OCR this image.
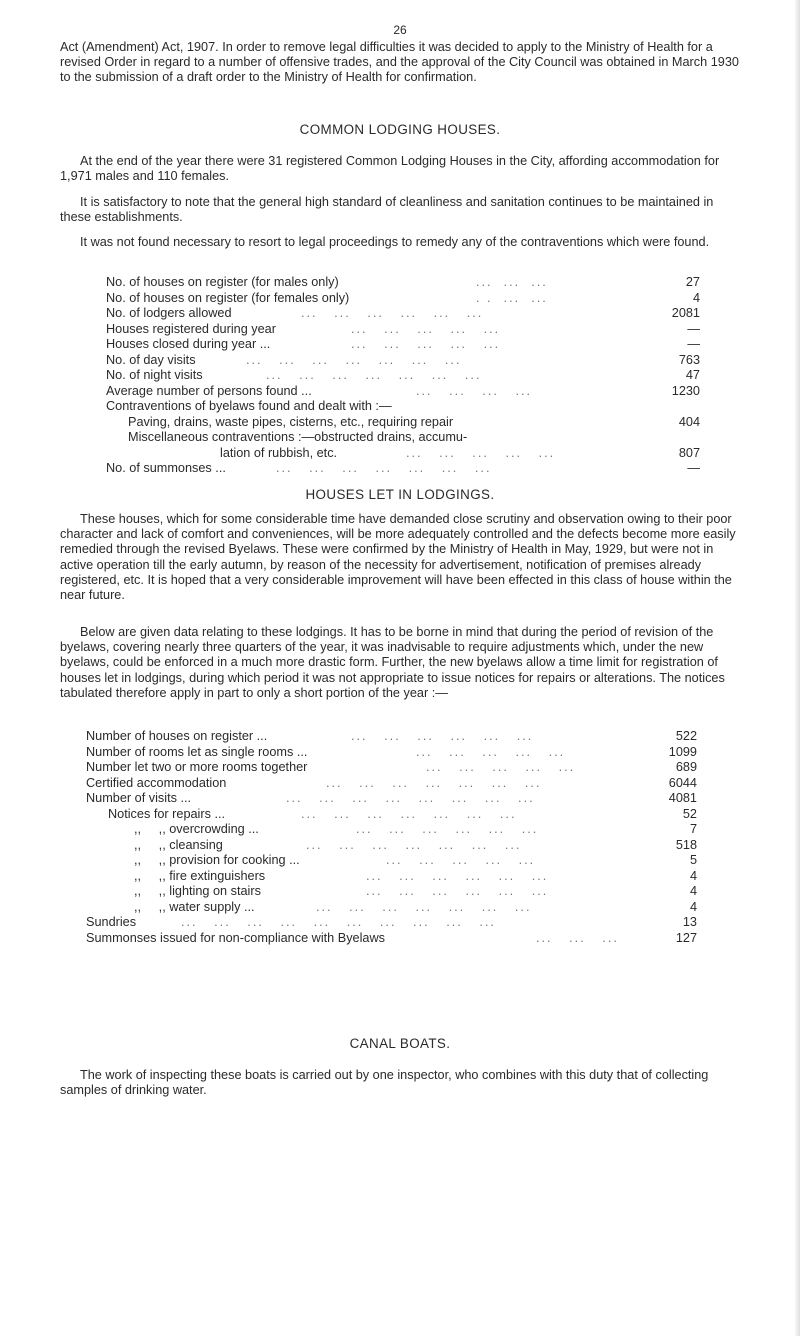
26

Act (Amendment) Act, 1907. In order to remove legal difficulties it was decided to apply to the Ministry of Health for a revised Order in regard to a number of offensive trades, and the approval of the City Council was obtained in March 1930 to the submission of a draft order to the Ministry of Health for confirmation.

COMMON LODGING HOUSES.

At the end of the year there were 31 registered Common Lodging Houses in the City, affording accommodation for 1,971 males and 110 females.

It is satisfactory to note that the general high standard of cleanliness and sanitation continues to be maintained in these establishments.

It was not found necessary to resort to legal proceedings to remedy any of the contraventions which were found.

No. of houses on register (for males only)	...  ...  ...	27
No. of houses on register (for females only)	. .  ...  ...	4
No. of lodgers allowed	...   ...   ...   ...   ...   ...	2081
Houses registered during year	...   ...   ...   ...   ...	—
Houses closed during year ...	...   ...   ...   ...   ...	—
No. of day visits	...   ...   ...   ...   ...   ...   ...	763
No. of night visits	...   ...   ...   ...   ...   ...   ...	47
Average number of persons found ...	...   ...   ...   ...	1230
Contraventions of byelaws found and dealt with :—
Paving, drains, waste pipes, cisterns, etc., requiring repair	404
Miscellaneous contraventions :—obstructed drains, accumu-
lation of rubbish, etc.	...   ...   ...   ...   ...	807
No. of summonses ...	...   ...   ...   ...   ...   ...   ...	—
HOUSES LET IN LODGINGS.

These houses, which for some considerable time have demanded close scrutiny and observation owing to their poor character and lack of comfort and conveniences, will be more adequately controlled and the defects become more easily remedied through the revised Byelaws. These were confirmed by the Ministry of Health in May, 1929, but were not in active operation till the early autumn, by reason of the necessity for advertisement, notification of premises already registered, etc. It is hoped that a very considerable improvement will have been effected in this class of house within the near future.

Below are given data relating to these lodgings. It has to be borne in mind that during the period of revision of the byelaws, covering nearly three quarters of the year, it was inadvisable to require adjustments which, under the new byelaws, could be enforced in a much more drastic form. Further, the new byelaws allow a time limit for registration of houses let in lodgings, during which period it was not appropriate to issue notices for repairs or alterations. The notices tabulated therefore apply in part to only a short portion of the year :—

Number of houses on register ...	...   ...   ...   ...   ...   ...	522
Number of rooms let as single rooms ...	...   ...   ...   ...   ...	1099
Number let two or more rooms together	...   ...   ...   ...   ...	689
Certified accommodation	...   ...   ...   ...   ...   ...   ...	6044
Number of visits ...	...   ...   ...   ...   ...   ...   ...   ...	4081
Notices for repairs ...	...   ...   ...   ...   ...   ...   ...	52
,,     ,, overcrowding ...	...   ...   ...   ...   ...   ...	7
,,     ,, cleansing	...   ...   ...   ...   ...   ...   ...	518
,,     ,, provision for cooking ...	...   ...   ...   ...   ...	5
,,     ,, fire extinguishers	...   ...   ...   ...   ...   ...	4
,,     ,, lighting on stairs	...   ...   ...   ...   ...   ...	4
,,     ,, water supply ...	...   ...   ...   ...   ...   ...   ...	4
Sundries	...   ...   ...   ...   ...   ...   ...   ...   ...   ...	13
Summonses issued for non-compliance with Byelaws	...   ...   ...	127
CANAL BOATS.

The work of inspecting these boats is carried out by one inspector, who combines with this duty that of collecting samples of drinking water.
